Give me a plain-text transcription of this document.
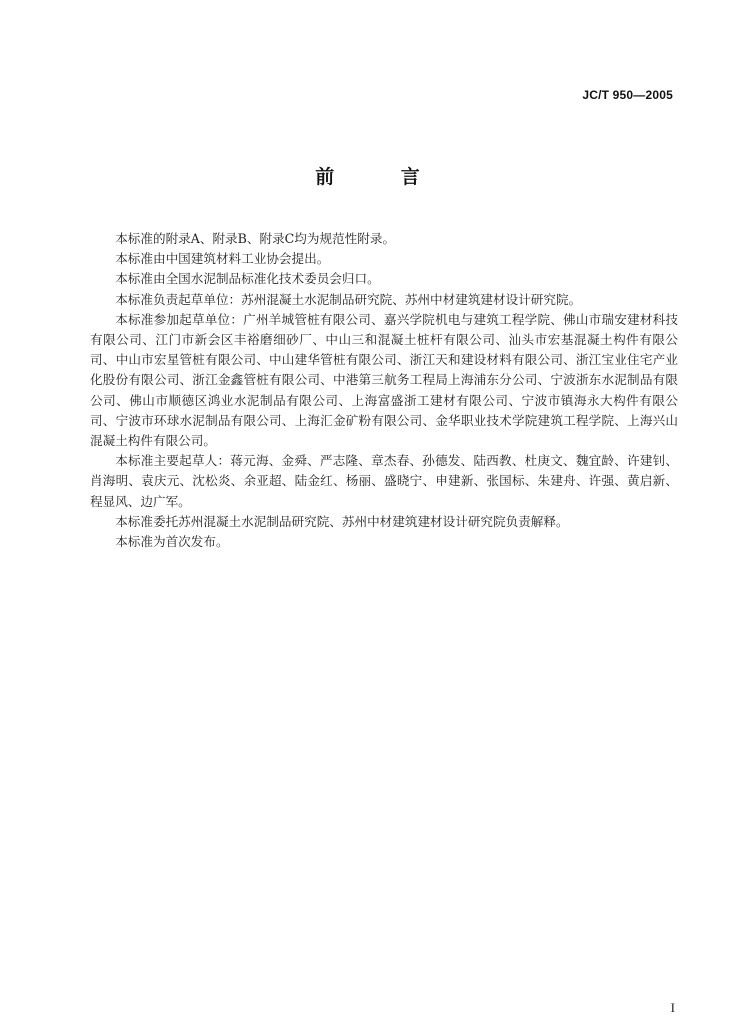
JC/T 950—2005
前 言

本标准的附录A、附录B、附录C均为规范性附录。

本标准由中国建筑材料工业协会提出。

本标准由全国水泥制品标准化技术委员会归口。

本标准负责起草单位：苏州混凝土水泥制品研究院、苏州中材建筑建材设计研究院。

本标准参加起草单位：广州羊城管桩有限公司、嘉兴学院机电与建筑工程学院、佛山市瑞安建材科技有限公司、江门市新会区丰裕磨细砂厂、中山三和混凝土桩杆有限公司、汕头市宏基混凝土构件有限公司、中山市宏星管桩有限公司、中山建华管桩有限公司、浙江天和建设材料有限公司、浙江宝业住宅产业化股份有限公司、浙江金鑫管桩有限公司、中港第三航务工程局上海浦东分公司、宁波浙东水泥制品有限公司、佛山市顺德区鸿业水泥制品有限公司、上海富盛浙工建材有限公司、宁波市镇海永大构件有限公司、宁波市环球水泥制品有限公司、上海汇金矿粉有限公司、金华职业技术学院建筑工程学院、上海兴山混凝土构件有限公司。

本标准主要起草人：蒋元海、金舜、严志隆、章杰春、孙德发、陆西教、杜庚文、魏宜龄、许建钊、肖海明、袁庆元、沈松炎、余亚超、陆金红、杨丽、盛晓宁、申建新、张国标、朱建舟、许强、黄启新、程显风、边广军。

本标准委托苏州混凝土水泥制品研究院、苏州中材建筑建材设计研究院负责解释。

本标准为首次发布。

I
